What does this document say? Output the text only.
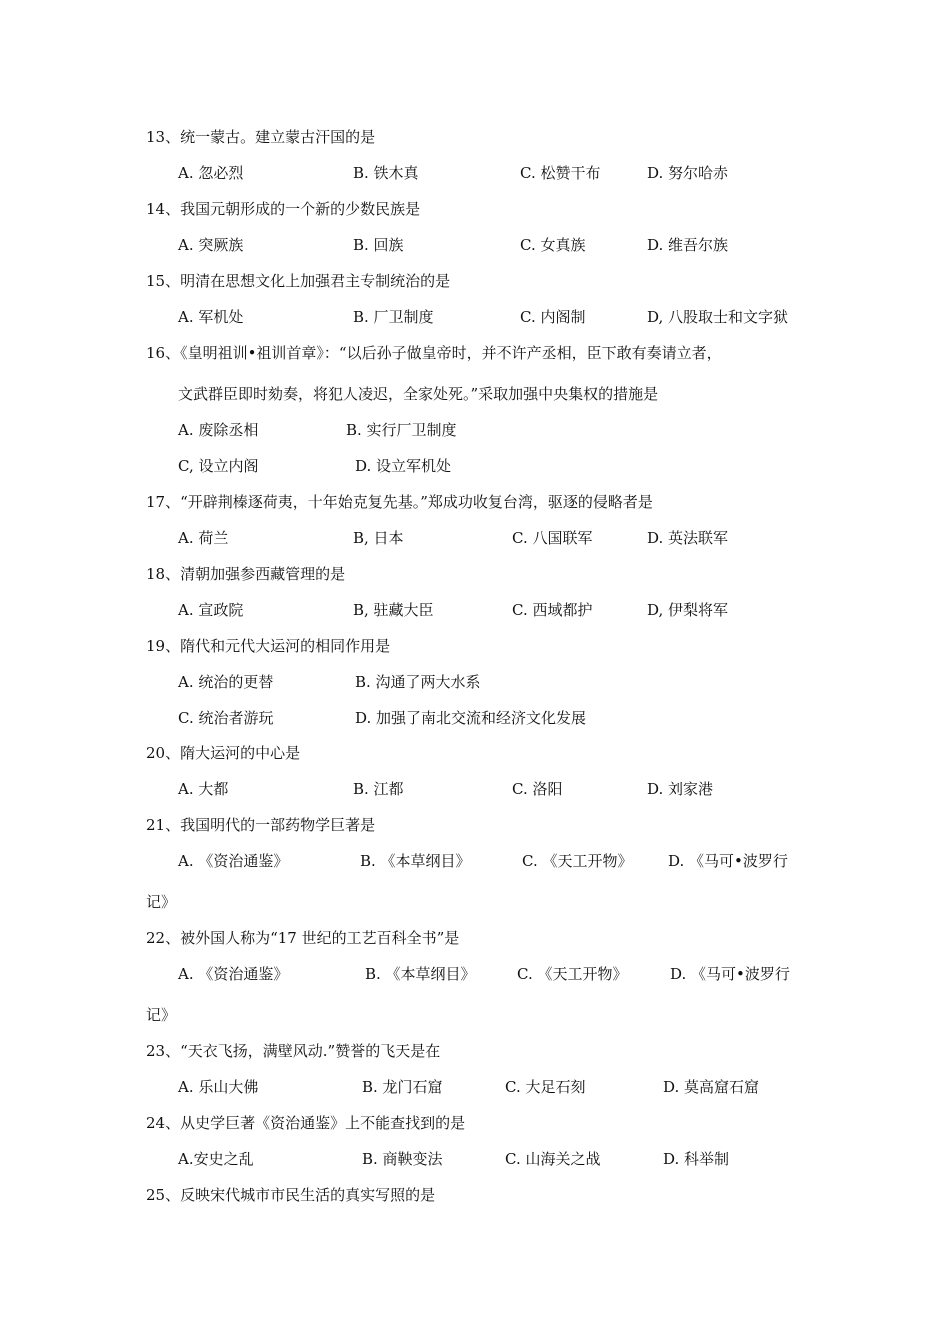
13、统一蒙古。建立蒙古汗国的是
A. 忽必烈	B. 铁木真	C. 松赞干布	D. 努尔哈赤
14、我国元朝形成的一个新的少数民族是
A. 突厥族	B. 回族	C. 女真族	D. 维吾尔族
15、明清在思想文化上加强君主专制统治的是
A. 军机处	B. 厂卫制度	C. 内阁制	D, 八股取士和文字狱
16、《皇明祖训•祖训首章》：“以后孙子做皇帝时，并不许产丞相，臣下敢有奏请立者，
文武群臣即时劾奏，将犯人凌迟，全家处死。”采取加强中央集权的措施是
A. 废除丞相	B. 实行厂卫制度
C, 设立内阁	D. 设立军机处
17、“开辟荆榛逐荷夷，十年始克复先基。”郑成功收复台湾，驱逐的侵略者是
A. 荷兰	B, 日本	C. 八国联军	D. 英法联军
18、清朝加强参西藏管理的是
A. 宣政院	B, 驻藏大臣	C. 西域都护	D, 伊梨将军
19、隋代和元代大运河的相同作用是
A. 统治的更替	B. 沟通了两大水系
C. 统治者游玩	D. 加强了南北交流和经济文化发展
20、隋大运河的中心是
A. 大都	B. 江都	C. 洛阳	D. 刘家港
21、我国明代的一部药物学巨著是
A. 《资治通鉴》	B. 《本草纲目》	C. 《天工开物》 D. 《马可•波罗行
记》
22、被外国人称为“17 世纪的工艺百科全书”是
A. 《资治通鉴》	B. 《本草纲目》	C. 《天工开物》	D. 《马可•波罗行
记》
23、“天衣飞扬，满壁风动.”赞誉的飞天是在
A. 乐山大佛	B. 龙门石窟	C. 大足石刻	D. 莫高窟石窟
24、从史学巨著《资治通鉴》上不能查找到的是
A.安史之乱	B. 商鞅变法	C. 山海关之战	D. 科举制
25、反映宋代城市市民生活的真实写照的是
